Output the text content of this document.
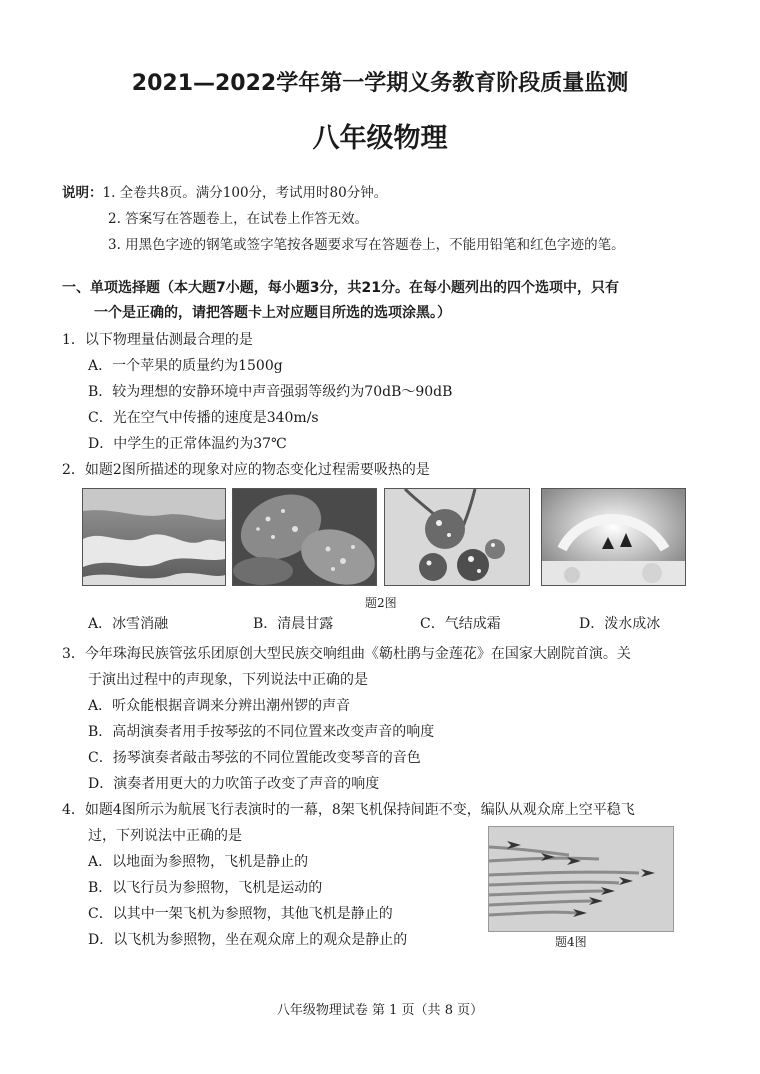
2021—2022学年第一学期义务教育阶段质量监测
八年级物理
说明：1. 全卷共8页。满分100分，考试用时80分钟。
2. 答案写在答题卷上，在试卷上作答无效。
3. 用黑色字迹的钢笔或签字笔按各题要求写在答题卷上，不能用铅笔和红色字迹的笔。
一、单项选择题（本大题7小题，每小题3分，共21分。在每小题列出的四个选项中，只有
一个是正确的，请把答题卡上对应题目所选的选项涂黑。）
1．以下物理量估测最合理的是
A．一个苹果的质量约为1500g
B．较为理想的安静环境中声音强弱等级约为70dB～90dB
C．光在空气中传播的速度是340m/s
D．中学生的正常体温约为37℃
2．如题2图所描述的现象对应的物态变化过程需要吸热的是
题2图
A．冰雪消融	B．清晨甘露	C．气结成霜	D．泼水成冰
3．今年珠海民族管弦乐团原创大型民族交响组曲《簕杜鹃与金莲花》在国家大剧院首演。关
于演出过程中的声现象，下列说法中正确的是
A．听众能根据音调来分辨出潮州锣的声音
B．高胡演奏者用手按琴弦的不同位置来改变声音的响度
C．扬琴演奏者敲击琴弦的不同位置能改变琴音的音色
D．演奏者用更大的力吹笛子改变了声音的响度
4．如题4图所示为航展飞行表演时的一幕，8架飞机保持间距不变，编队从观众席上空平稳飞
过，下列说法中正确的是
A．以地面为参照物，飞机是静止的
B．以飞行员为参照物，飞机是运动的
C．以其中一架飞机为参照物，其他飞机是静止的
D．以飞机为参照物，坐在观众席上的观众是静止的	题4图
八年级物理试卷 第 1 页（共 8 页）
